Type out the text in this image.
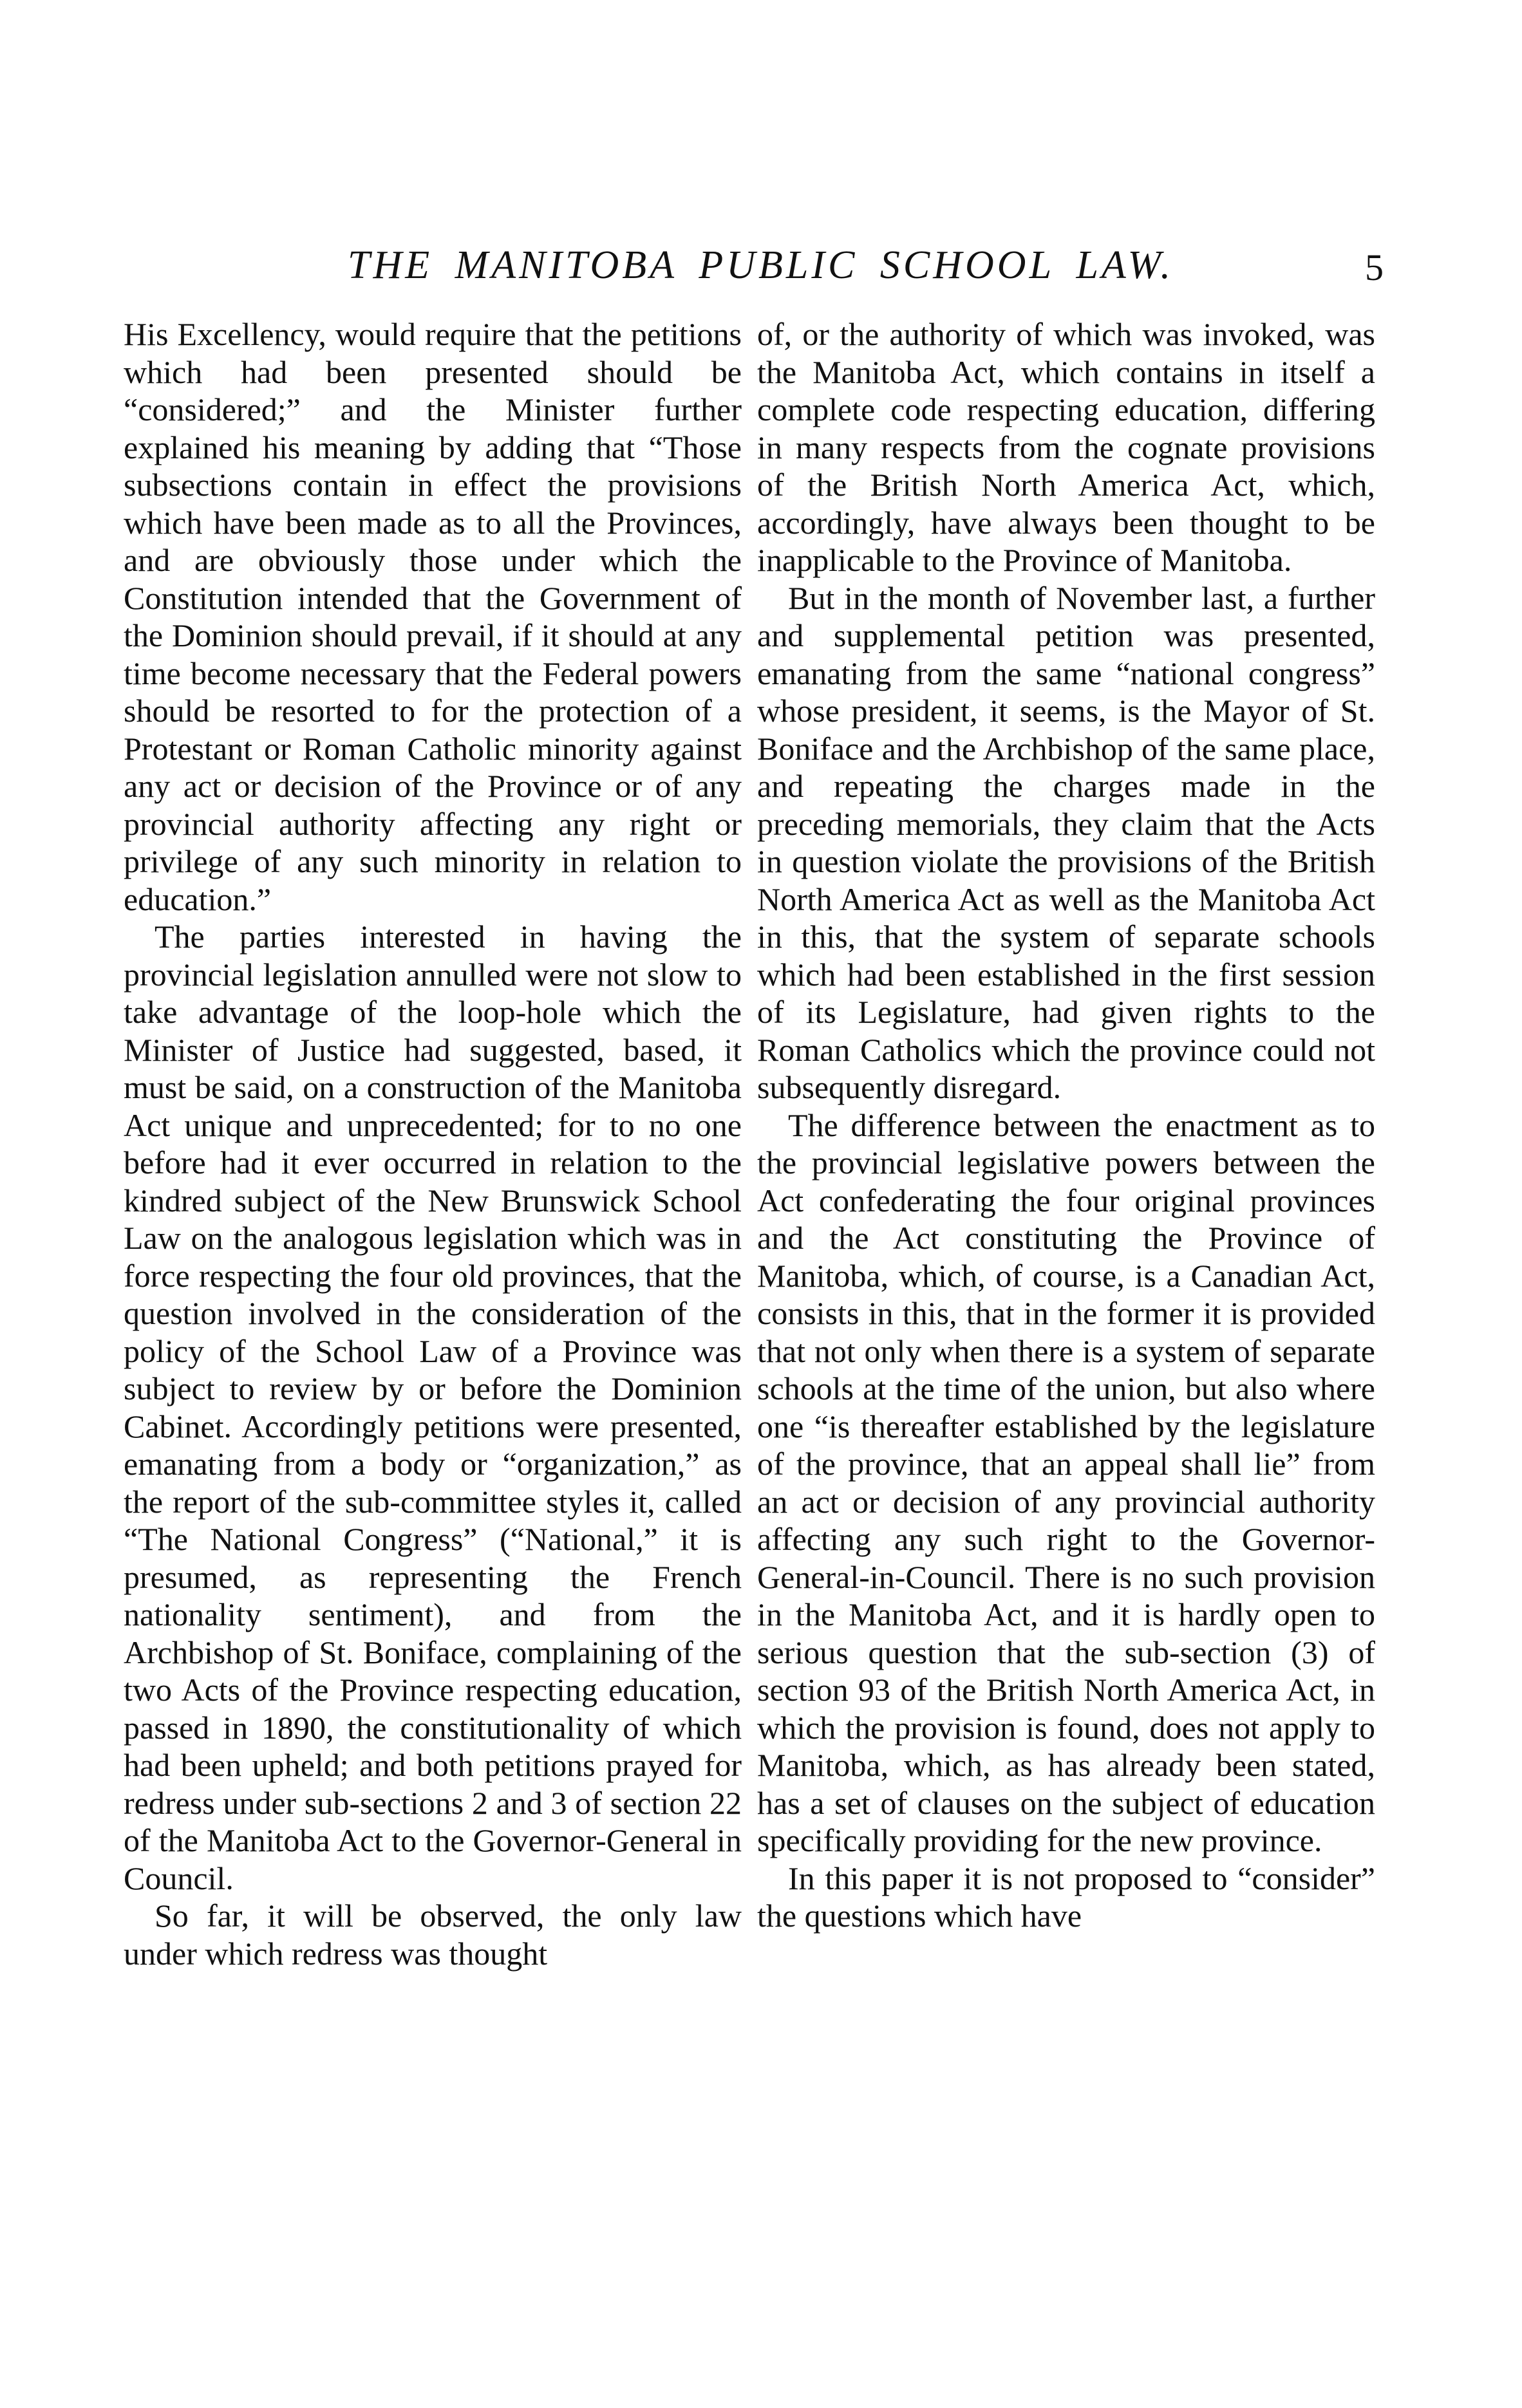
THE MANITOBA PUBLIC SCHOOL LAW.	5

His Excellency, would require that the petitions which had been presented should be “considered;” and the Minister further explained his meaning by adding that “Those subsections contain in effect the provisions which have been made as to all the Provinces, and are obviously those under which the Constitution intended that the Government of the Dominion should prevail, if it should at any time become necessary that the Federal powers should be resorted to for the protection of a Protestant or Roman Catholic minority against any act or decision of the Province or of any provincial authority affecting any right or privilege of any such minority in relation to education.”

The parties interested in having the provincial legislation annulled were not slow to take advantage of the loop-hole which the Minister of Justice had suggested, based, it must be said, on a construction of the Manitoba Act unique and unprecedented; for to no one before had it ever occurred in relation to the kindred subject of the New Brunswick School Law on the analogous legislation which was in force respecting the four old provinces, that the question involved in the consideration of the policy of the School Law of a Province was subject to review by or before the Dominion Cabinet. Accordingly petitions were presented, emanating from a body or “organization,” as the report of the sub-committee styles it, called “The National Congress” (“National,” it is presumed, as representing the French nationality sentiment), and from the Archbishop of St. Boniface, complaining of the two Acts of the Province respecting education, passed in 1890, the constitutionality of which had been upheld; and both petitions prayed for redress under sub-sections 2 and 3 of section 22 of the Manitoba Act to the Governor-General in Council.

So far, it will be observed, the only law under which redress was thought

of, or the authority of which was invoked, was the Manitoba Act, which contains in itself a complete code respecting education, differing in many respects from the cognate provisions of the British North America Act, which, accordingly, have always been thought to be inapplicable to the Province of Manitoba.

But in the month of November last, a further and supplemental petition was presented, emanating from the same “national congress” whose president, it seems, is the Mayor of St. Boniface and the Archbishop of the same place, and repeating the charges made in the preceding memorials, they claim that the Acts in question violate the provisions of the British North America Act as well as the Manitoba Act in this, that the system of separate schools which had been established in the first session of its Legislature, had given rights to the Roman Catholics which the province could not subsequently disregard.

The difference between the enactment as to the provincial legislative powers between the Act confederating the four original provinces and the Act constituting the Province of Manitoba, which, of course, is a Canadian Act, consists in this, that in the former it is provided that not only when there is a system of separate schools at the time of the union, but also where one “is thereafter established by the legislature of the province, that an appeal shall lie” from an act or decision of any provincial authority affecting any such right to the Governor-General-in-Council. There is no such provision in the Manitoba Act, and it is hardly open to serious question that the sub-section (3) of section 93 of the British North America Act, in which the provision is found, does not apply to Manitoba, which, as has already been stated, has a set of clauses on the subject of education specifically providing for the new province.

In this paper it is not proposed to “consider” the questions which have
